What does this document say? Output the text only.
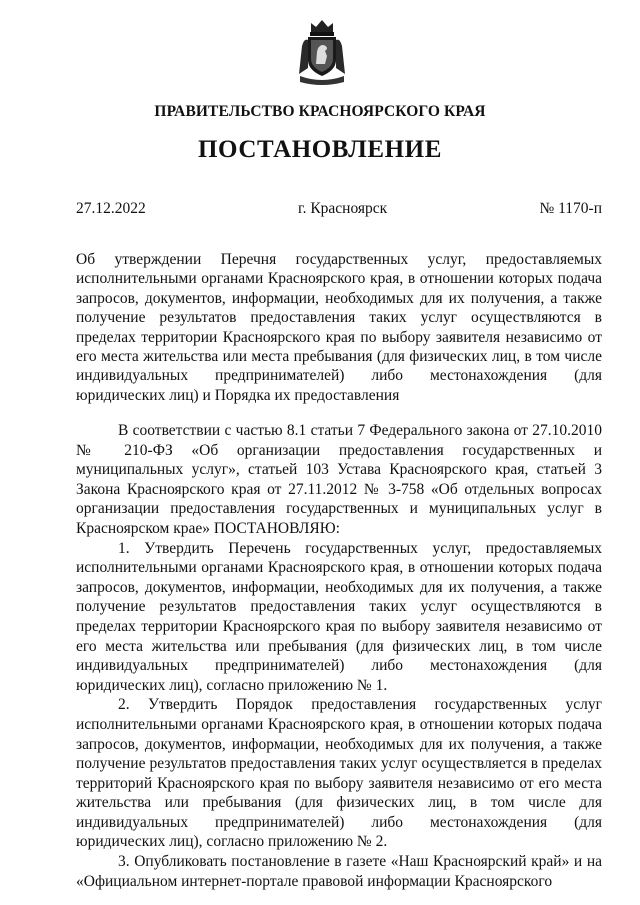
ПРАВИТЕЛЬСТВО КРАСНОЯРСКОГО КРАЯ
ПОСТАНОВЛЕНИЕ
27.12.2022	г. Красноярск	№ 1170-п
Об утверждении Перечня государственных услуг, предоставляемых исполнительными органами Красноярского края, в отношении которых подача запросов, документов, информации, необходимых для их получения, а также получение результатов предоставления таких услуг осуществляются в пределах территории Красноярского края по выбору заявителя независимо от его места жительства или места пребывания (для физических лиц, в том числе индивидуальных предпринимателей) либо местонахождения (для юридических лиц) и Порядка их предоставления

В соответствии с частью 8.1 статьи 7 Федерального закона от 27.10.2010 № 210-ФЗ «Об организации предоставления государственных и муниципальных услуг», статьей 103 Устава Красноярского края, статьей 3 Закона Красноярского края от 27.11.2012 № 3-758 «Об отдельных вопросах организации предоставления государственных и муниципальных услуг в Красноярском крае» ПОСТАНОВЛЯЮ:

1. Утвердить Перечень государственных услуг, предоставляемых исполнительными органами Красноярского края, в отношении которых подача запросов, документов, информации, необходимых для их получения, а также получение результатов предоставления таких услуг осуществляются в пределах территории Красноярского края по выбору заявителя независимо от его места жительства или пребывания (для физических лиц, в том числе индивидуальных предпринимателей) либо местонахождения (для юридических лиц), согласно приложению № 1.

2. Утвердить Порядок предоставления государственных услуг исполнительными органами Красноярского края, в отношении которых подача запросов, документов, информации, необходимых для их получения, а также получение результатов предоставления таких услуг осуществляется в пределах территорий Красноярского края по выбору заявителя независимо от его места жительства или пребывания (для физических лиц, в том числе для индивидуальных предпринимателей) либо местонахождения (для юридических лиц), согласно приложению № 2.

3. Опубликовать постановление в газете «Наш Красноярский край» и на «Официальном интернет-портале правовой информации Красноярского
